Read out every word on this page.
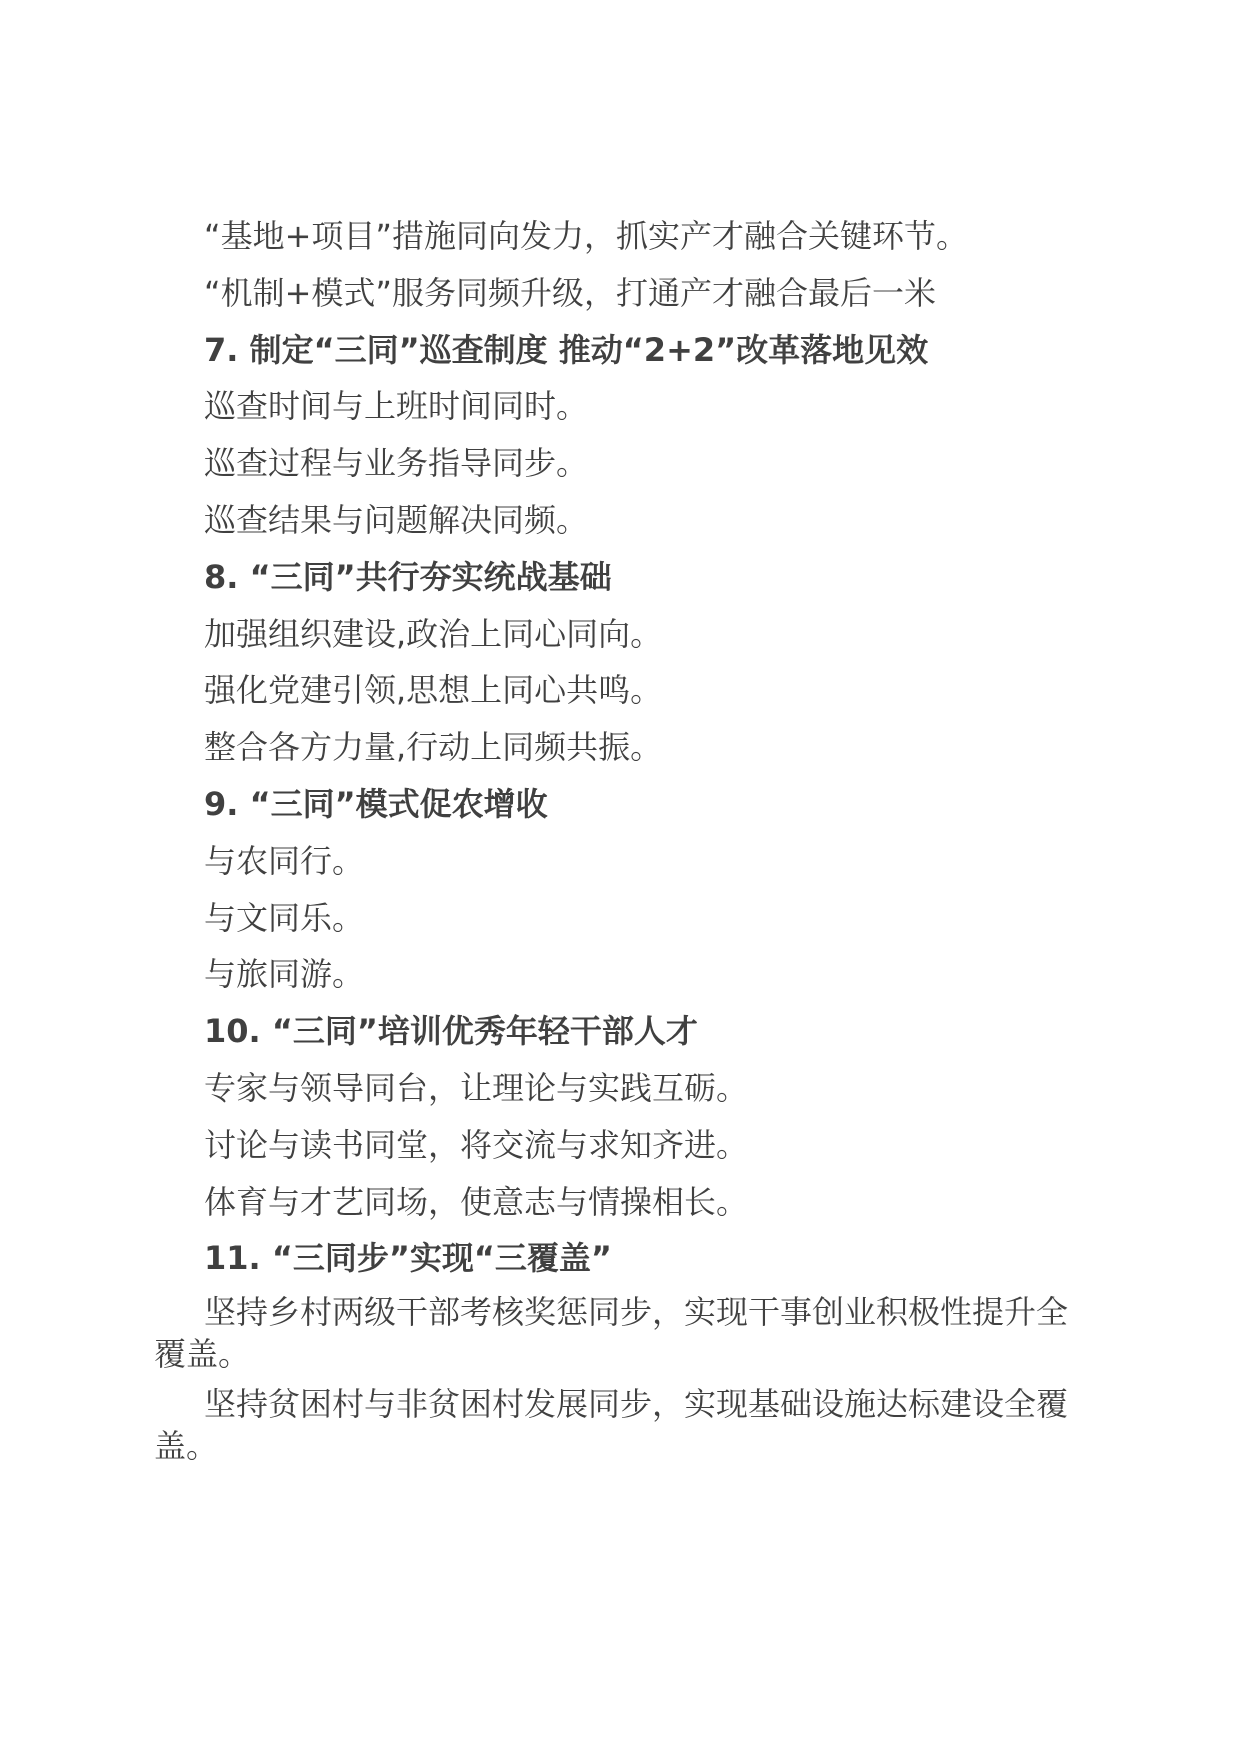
“基地+项目”措施同向发力，抓实产才融合关键环节。
“机制+模式”服务同频升级，打通产才融合最后一米
7. 制定“三同”巡查制度 推动“2+2”改革落地见效
巡查时间与上班时间同时。
巡查过程与业务指导同步。
巡查结果与问题解决同频。
8. “三同”共行夯实统战基础
加强组织建设,政治上同心同向。
强化党建引领,思想上同心共鸣。
整合各方力量,行动上同频共振。
9. “三同”模式促农增收
与农同行。
与文同乐。
与旅同游。
10. “三同”培训优秀年轻干部人才
专家与领导同台，让理论与实践互砺。
讨论与读书同堂，将交流与求知齐进。
体育与才艺同场，使意志与情操相长。
11. “三同步”实现“三覆盖”

坚持乡村两级干部考核奖惩同步，实现干事创业积极性提升全覆盖。

坚持贫困村与非贫困村发展同步，实现基础设施达标建设全覆盖。
